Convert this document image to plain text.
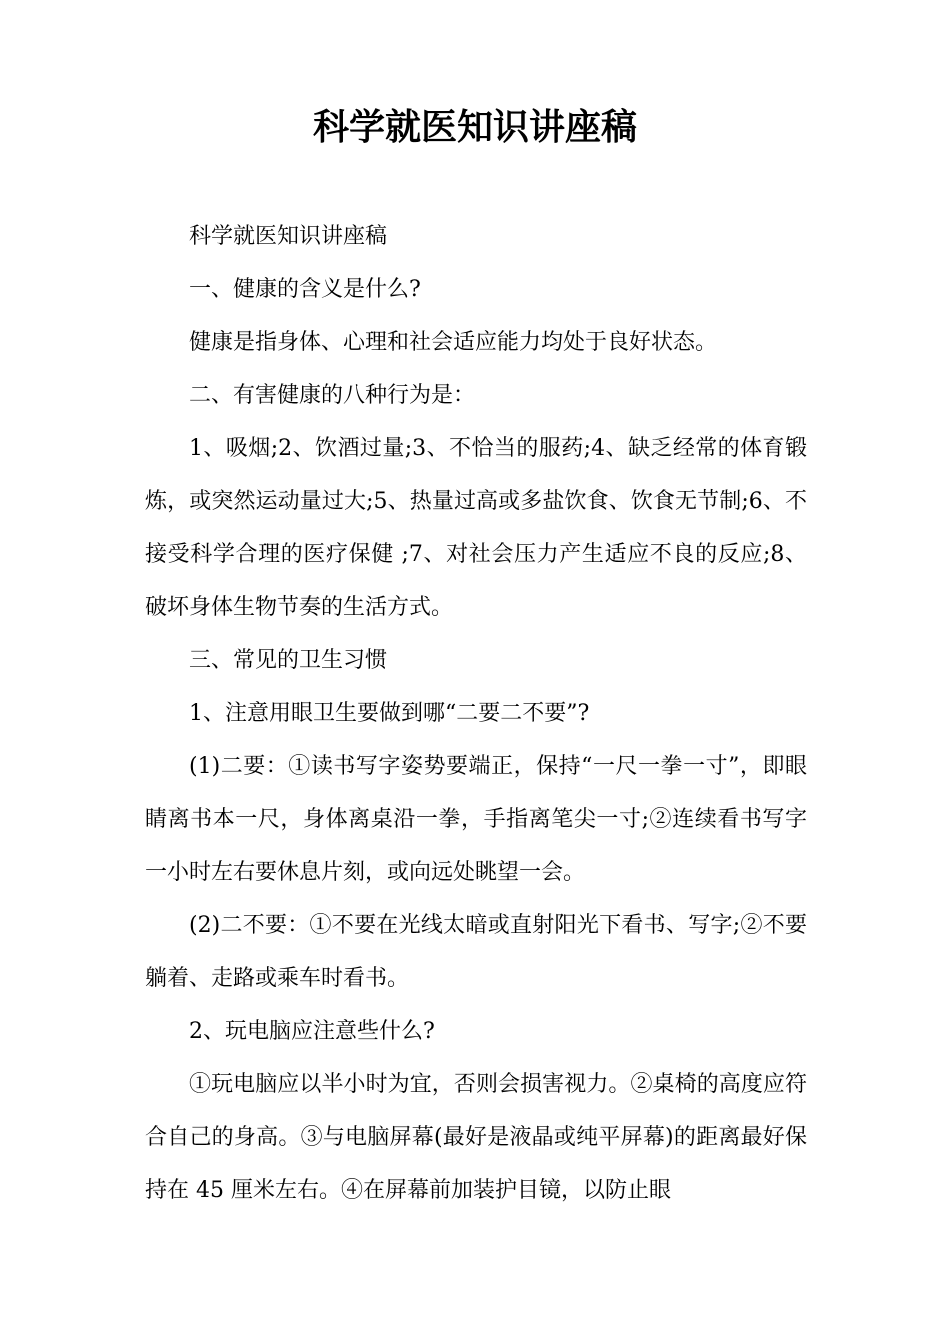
科学就医知识讲座稿

科学就医知识讲座稿

一、健康的含义是什么?

健康是指身体、心理和社会适应能力均处于良好状态。

二、有害健康的八种行为是：

1、吸烟;2、饮酒过量;3、不恰当的服药;4、缺乏经常的体育锻炼，或突然运动量过大;5、热量过高或多盐饮食、饮食无节制;6、不接受科学合理的医疗保健 ;7、对社会压力产生适应不良的反应;8、破坏身体生物节奏的生活方式。

三、常见的卫生习惯

1、注意用眼卫生要做到哪“二要二不要”?

(1)二要：①读书写字姿势要端正，保持“一尺一拳一寸”，即眼睛离书本一尺，身体离桌沿一拳，手指离笔尖一寸;②连续看书写字一小时左右要休息片刻，或向远处眺望一会。

(2)二不要：①不要在光线太暗或直射阳光下看书、写字;②不要躺着、走路或乘车时看书。

2、玩电脑应注意些什么?

①玩电脑应以半小时为宜，否则会损害视力。②桌椅的高度应符合自己的身高。③与电脑屏幕(最好是液晶或纯平屏幕)的距离最好保持在 45 厘米左右。④在屏幕前加装护目镜，以防止眼
